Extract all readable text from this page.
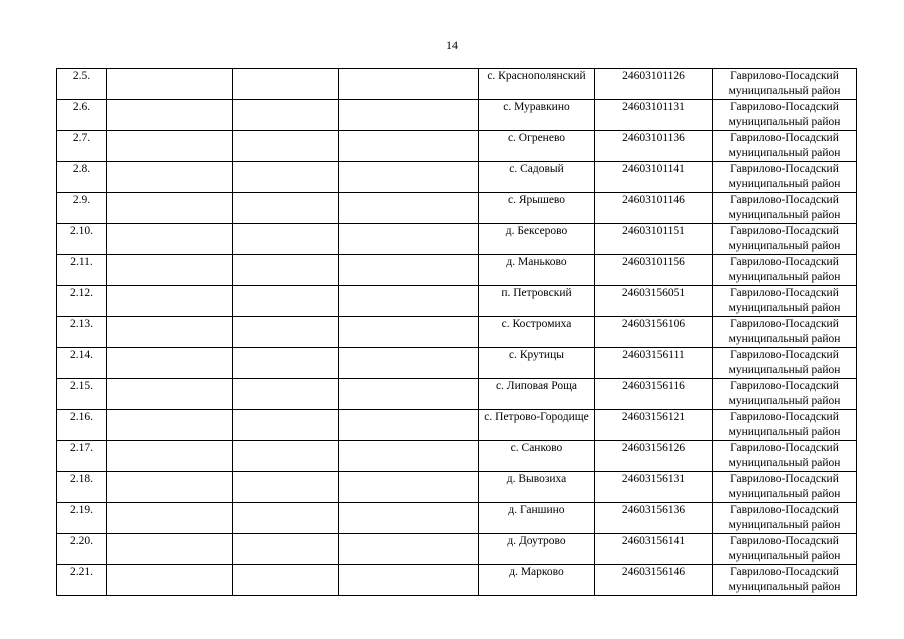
14
2.5.				с. Краснополянский	24603101126	Гаврилово-Посадский муниципальный район
2.6.				с. Муравкино	24603101131	Гаврилово-Посадский муниципальный район
2.7.				с. Огренево	24603101136	Гаврилово-Посадский муниципальный район
2.8.				с. Садовый	24603101141	Гаврилово-Посадский муниципальный район
2.9.				с. Ярышево	24603101146	Гаврилово-Посадский муниципальный район
2.10.				д. Бексерово	24603101151	Гаврилово-Посадский муниципальный район
2.11.				д. Маньково	24603101156	Гаврилово-Посадский муниципальный район
2.12.				п. Петровский	24603156051	Гаврилово-Посадский муниципальный район
2.13.				с. Костромиха	24603156106	Гаврилово-Посадский муниципальный район
2.14.				с. Крутицы	24603156111	Гаврилово-Посадский муниципальный район
2.15.				с. Липовая Роща	24603156116	Гаврилово-Посадский муниципальный район
2.16.				с. Петрово-Городище	24603156121	Гаврилово-Посадский муниципальный район
2.17.				с. Санково	24603156126	Гаврилово-Посадский муниципальный район
2.18.				д. Вывозиха	24603156131	Гаврилово-Посадский муниципальный район
2.19.				д. Ганшино	24603156136	Гаврилово-Посадский муниципальный район
2.20.				д. Доутрово	24603156141	Гаврилово-Посадский муниципальный район
2.21.				д. Марково	24603156146	Гаврилово-Посадский муниципальный район
